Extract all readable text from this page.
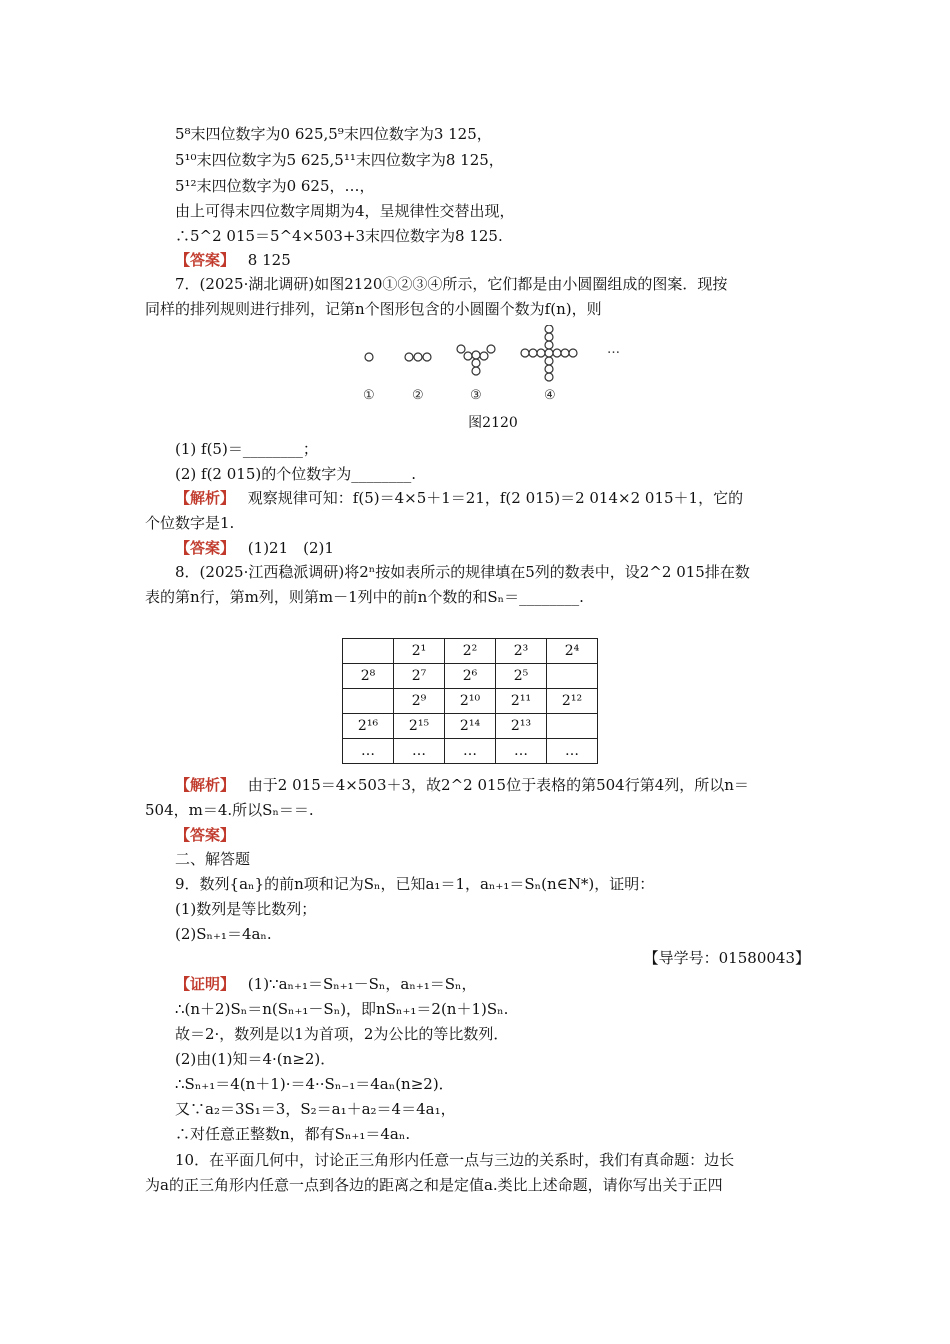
5⁸末四位数字为0 625,5⁹末四位数字为3 125，
5¹⁰末四位数字为5 625,5¹¹末四位数字为8 125，
5¹²末四位数字为0 625，…，
由上可得末四位数字周期为4，呈规律性交替出现，
∴5^2 015＝5^4×503+3末四位数字为8 125.
【答案】 8 125
7．(2025·湖北调研)如图2120①②③④所示，它们都是由小圆圈组成的图案．现按
同样的排列规则进行排列，记第n个图形包含的小圆圈个数为f(n)，则
…
①	②	③	④
图2120
(1) f(5)＝________；
(2) f(2 015)的个位数字为________.
【解析】 观察规律可知：f(5)＝4×5＋1＝21，f(2 015)＝2 014×2 015＋1，它的
个位数字是1.
【答案】 (1)21　(2)1
8．(2025·江西稳派调研)将2ⁿ按如表所示的规律填在5列的数表中，设2^2 015排在数
表的第n行，第m列，则第m－1列中的前n个数的和Sₙ＝________.
	2¹	2²	2³	2⁴
2⁸	2⁷	2⁶	2⁵	
	2⁹	2¹⁰	2¹¹	2¹²
2¹⁶	2¹⁵	2¹⁴	2¹³	
…	…	…	…	…
【解析】 由于2 015＝4×503＋3，故2^2 015位于表格的第504行第4列，所以n＝
504，m＝4.所以Sₙ＝＝.
【答案】
二、解答题
9．数列{aₙ}的前n项和记为Sₙ，已知a₁＝1，aₙ₊₁＝Sₙ(n∈N*)，证明：
(1)数列是等比数列；
(2)Sₙ₊₁＝4aₙ.
【导学号：01580043】
【证明】 (1)∵aₙ₊₁＝Sₙ₊₁－Sₙ，aₙ₊₁＝Sₙ，
∴(n＋2)Sₙ＝n(Sₙ₊₁－Sₙ)，即nSₙ₊₁＝2(n＋1)Sₙ.
故＝2·，数列是以1为首项，2为公比的等比数列．
(2)由(1)知＝4·(n≥2)．
∴Sₙ₊₁＝4(n＋1)·＝4··Sₙ₋₁＝4aₙ(n≥2)．
又∵a₂＝3S₁＝3，S₂＝a₁＋a₂＝4＝4a₁，
∴对任意正整数n，都有Sₙ₊₁＝4aₙ.
10．在平面几何中，讨论正三角形内任意一点与三边的关系时，我们有真命题：边长
为a的正三角形内任意一点到各边的距离之和是定值a.类比上述命题，请你写出关于正四
